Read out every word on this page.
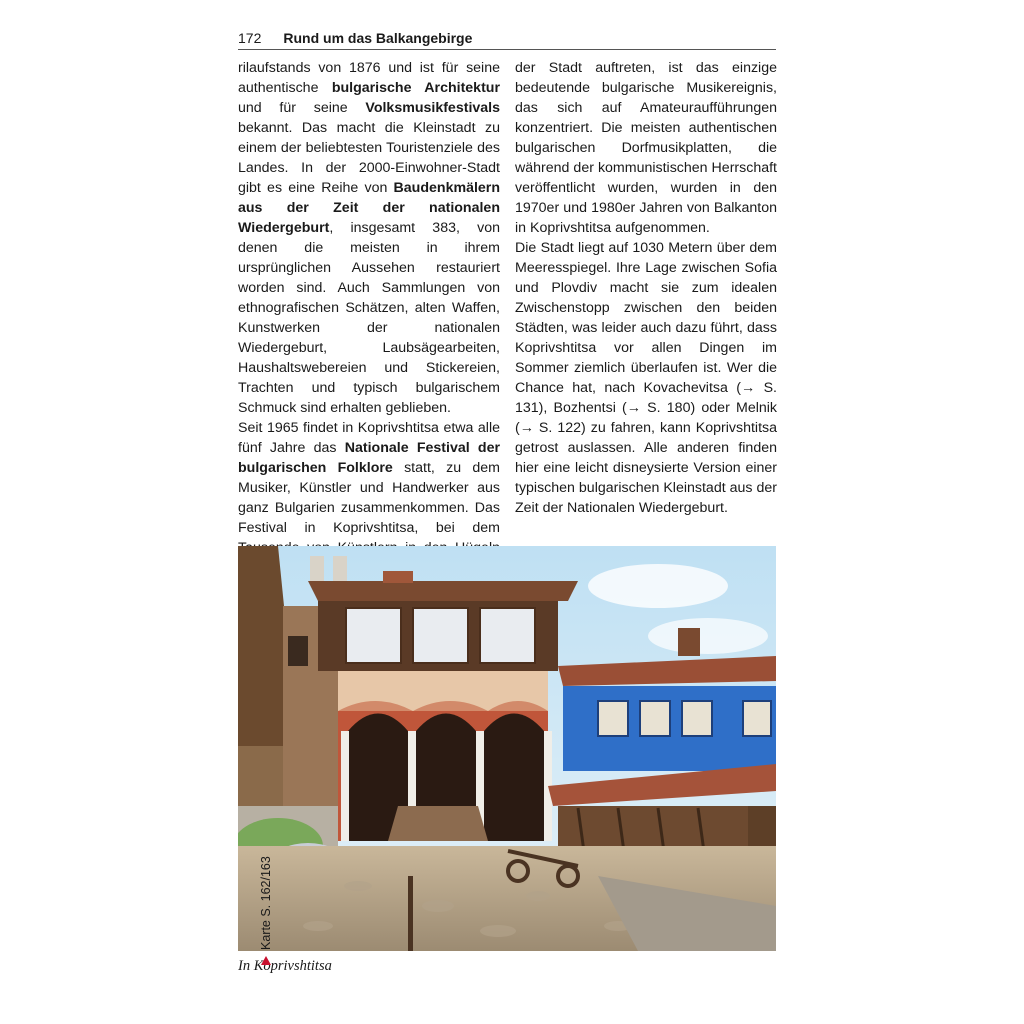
172 Rund um das Balkangebirge

rilaufstands von 1876 und ist für seine authentische bulgarische Architektur und für seine Volksmusikfestivals bekannt. Das macht die Kleinstadt zu einem der beliebtesten Touristenziele des Landes. In der 2000-Einwohner-Stadt gibt es eine Reihe von Baudenkmälern aus der Zeit der nationalen Wiedergeburt, insgesamt 383, von denen die meisten in ihrem ursprünglichen Aussehen restauriert worden sind. Auch Sammlungen von ethnografischen Schätzen, alten Waffen, Kunstwerken der nationalen Wiedergeburt, Laubsägearbeiten, Haushaltswebereien und Stickereien, Trachten und typisch bulgarischem Schmuck sind erhalten geblieben.

Seit 1965 findet in Koprivshtitsa etwa alle fünf Jahre das Nationale Festival der bulgarischen Folklore statt, zu dem Musiker, Künstler und Handwerker aus ganz Bulgarien zusammenkommen. Das Festival in Koprivshtitsa, bei dem

der Stadt auftreten, ist das einzige bedeutende bulgarische Musikereignis, das sich auf Amateuraufführungen konzentriert. Die meisten authentischen bulgarischen Dorfmusikplatten, die während der kommunistischen Herrschaft veröffentlicht wurden, wurden in den 1970er und 1980er Jahren von Balkanton in Koprivshtitsa aufgenommen.

Die Stadt liegt auf 1030 Metern über dem Meeresspiegel. Ihre Lage zwischen Sofia und Plovdiv macht sie zum idealen Zwischenstopp zwischen den beiden Städten, was leider auch dazu führt, dass Koprivshtitsa vor allen Dingen im Sommer ziemlich überlaufen ist. Wer die Chance hat, nach Kovachevitsa (→ S. 131), Bozhentsi (→ S. 180) oder Melnik (→ S. 122) zu fahren, kann Koprivshtitsa getrost auslassen. Alle anderen finden hier eine leicht disneysierte Version einer typischen bulgarischen Kleinstadt aus der Zeit der Nationalen Wiedergeburt.

In Koprivshtitsa
Karte S. 162/163
